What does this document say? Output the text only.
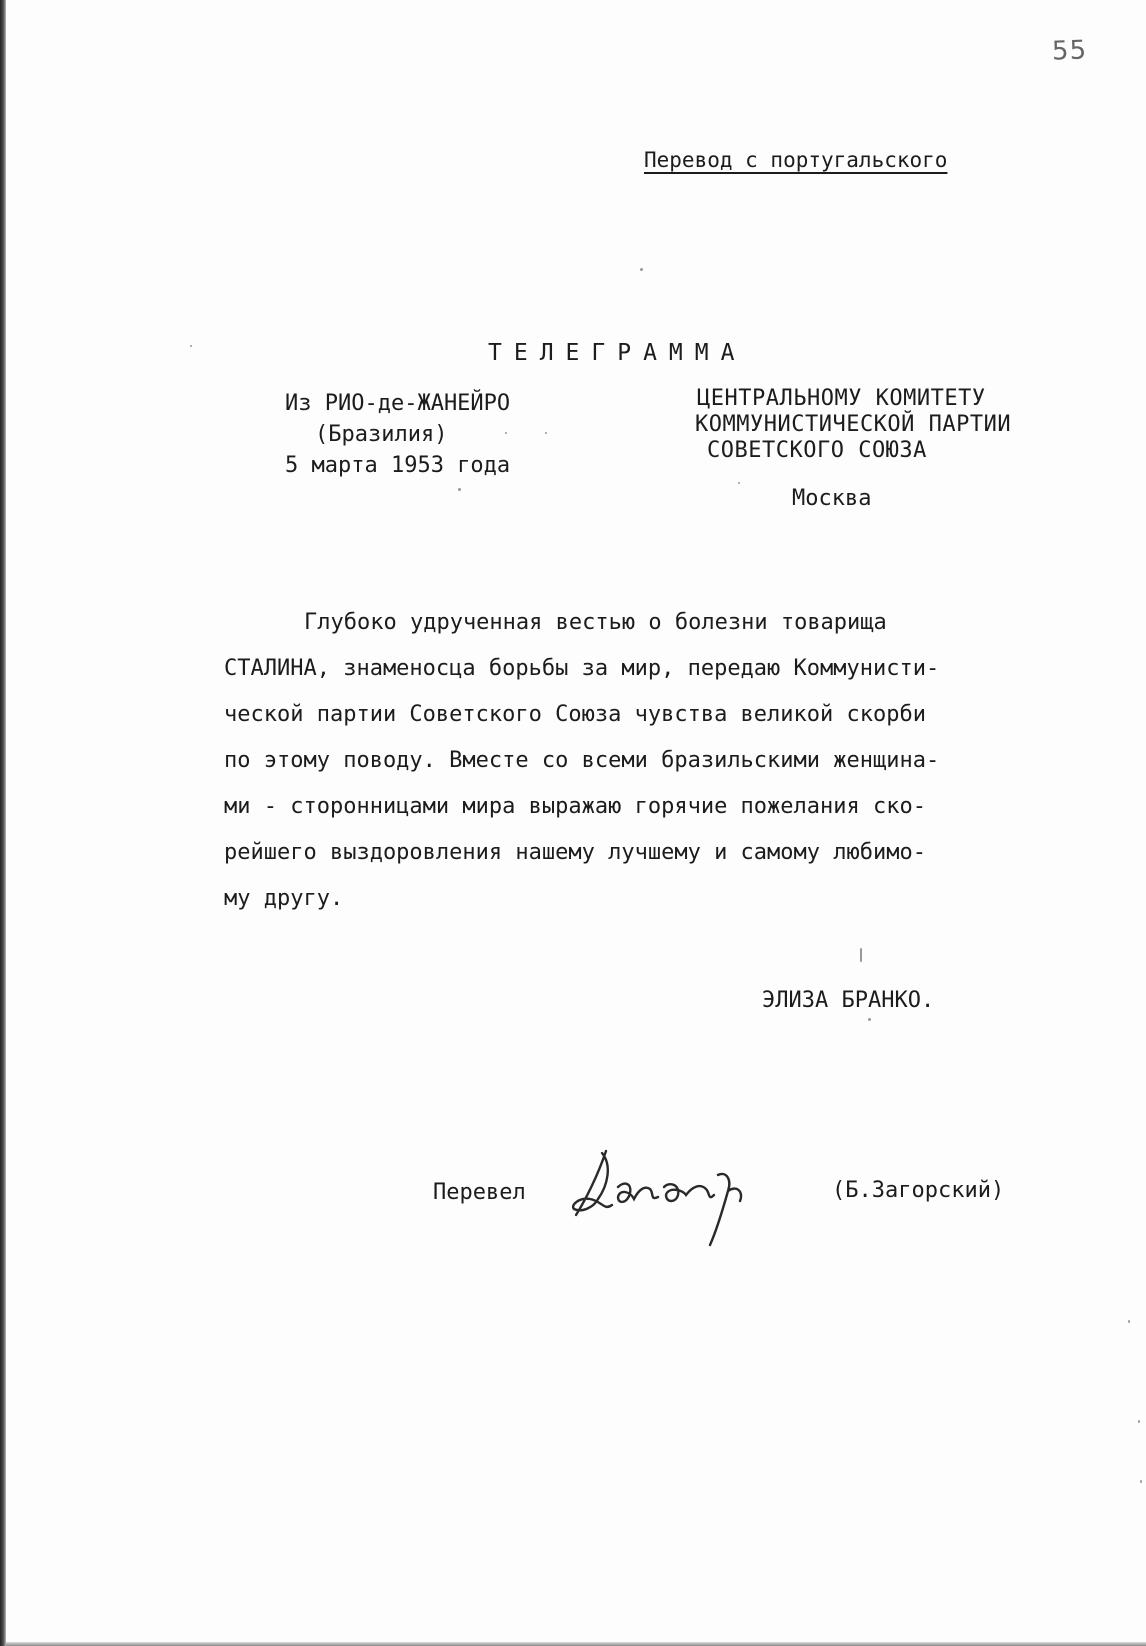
55
Перевод с португальского
ТЕЛЕГРАММА
Из РИО-де-ЖАНЕЙРО
(Бразилия)
5 марта 1953 года
ЦЕНТРАЛЬНОМУ КОМИТЕТУ
КОММУНИСТИЧЕСКОЙ ПАРТИИ
СОВЕТСКОГО СОЮЗА
Москва
Глубоко удрученная вестью о болезни товарища
СТАЛИНА, знаменосца борьбы за мир, передаю Коммунисти-
ческой партии Советского Союза чувства великой скорби
по этому поводу. Вместе со всеми бразильскими женщина-
ми - сторонницами мира выражаю горячие пожелания ско-
рейшего выздоровления нашему лучшему и самому любимо-
му другу.
ЭЛИЗА БРАНКО.
Перевел	(Б.Загорский)
